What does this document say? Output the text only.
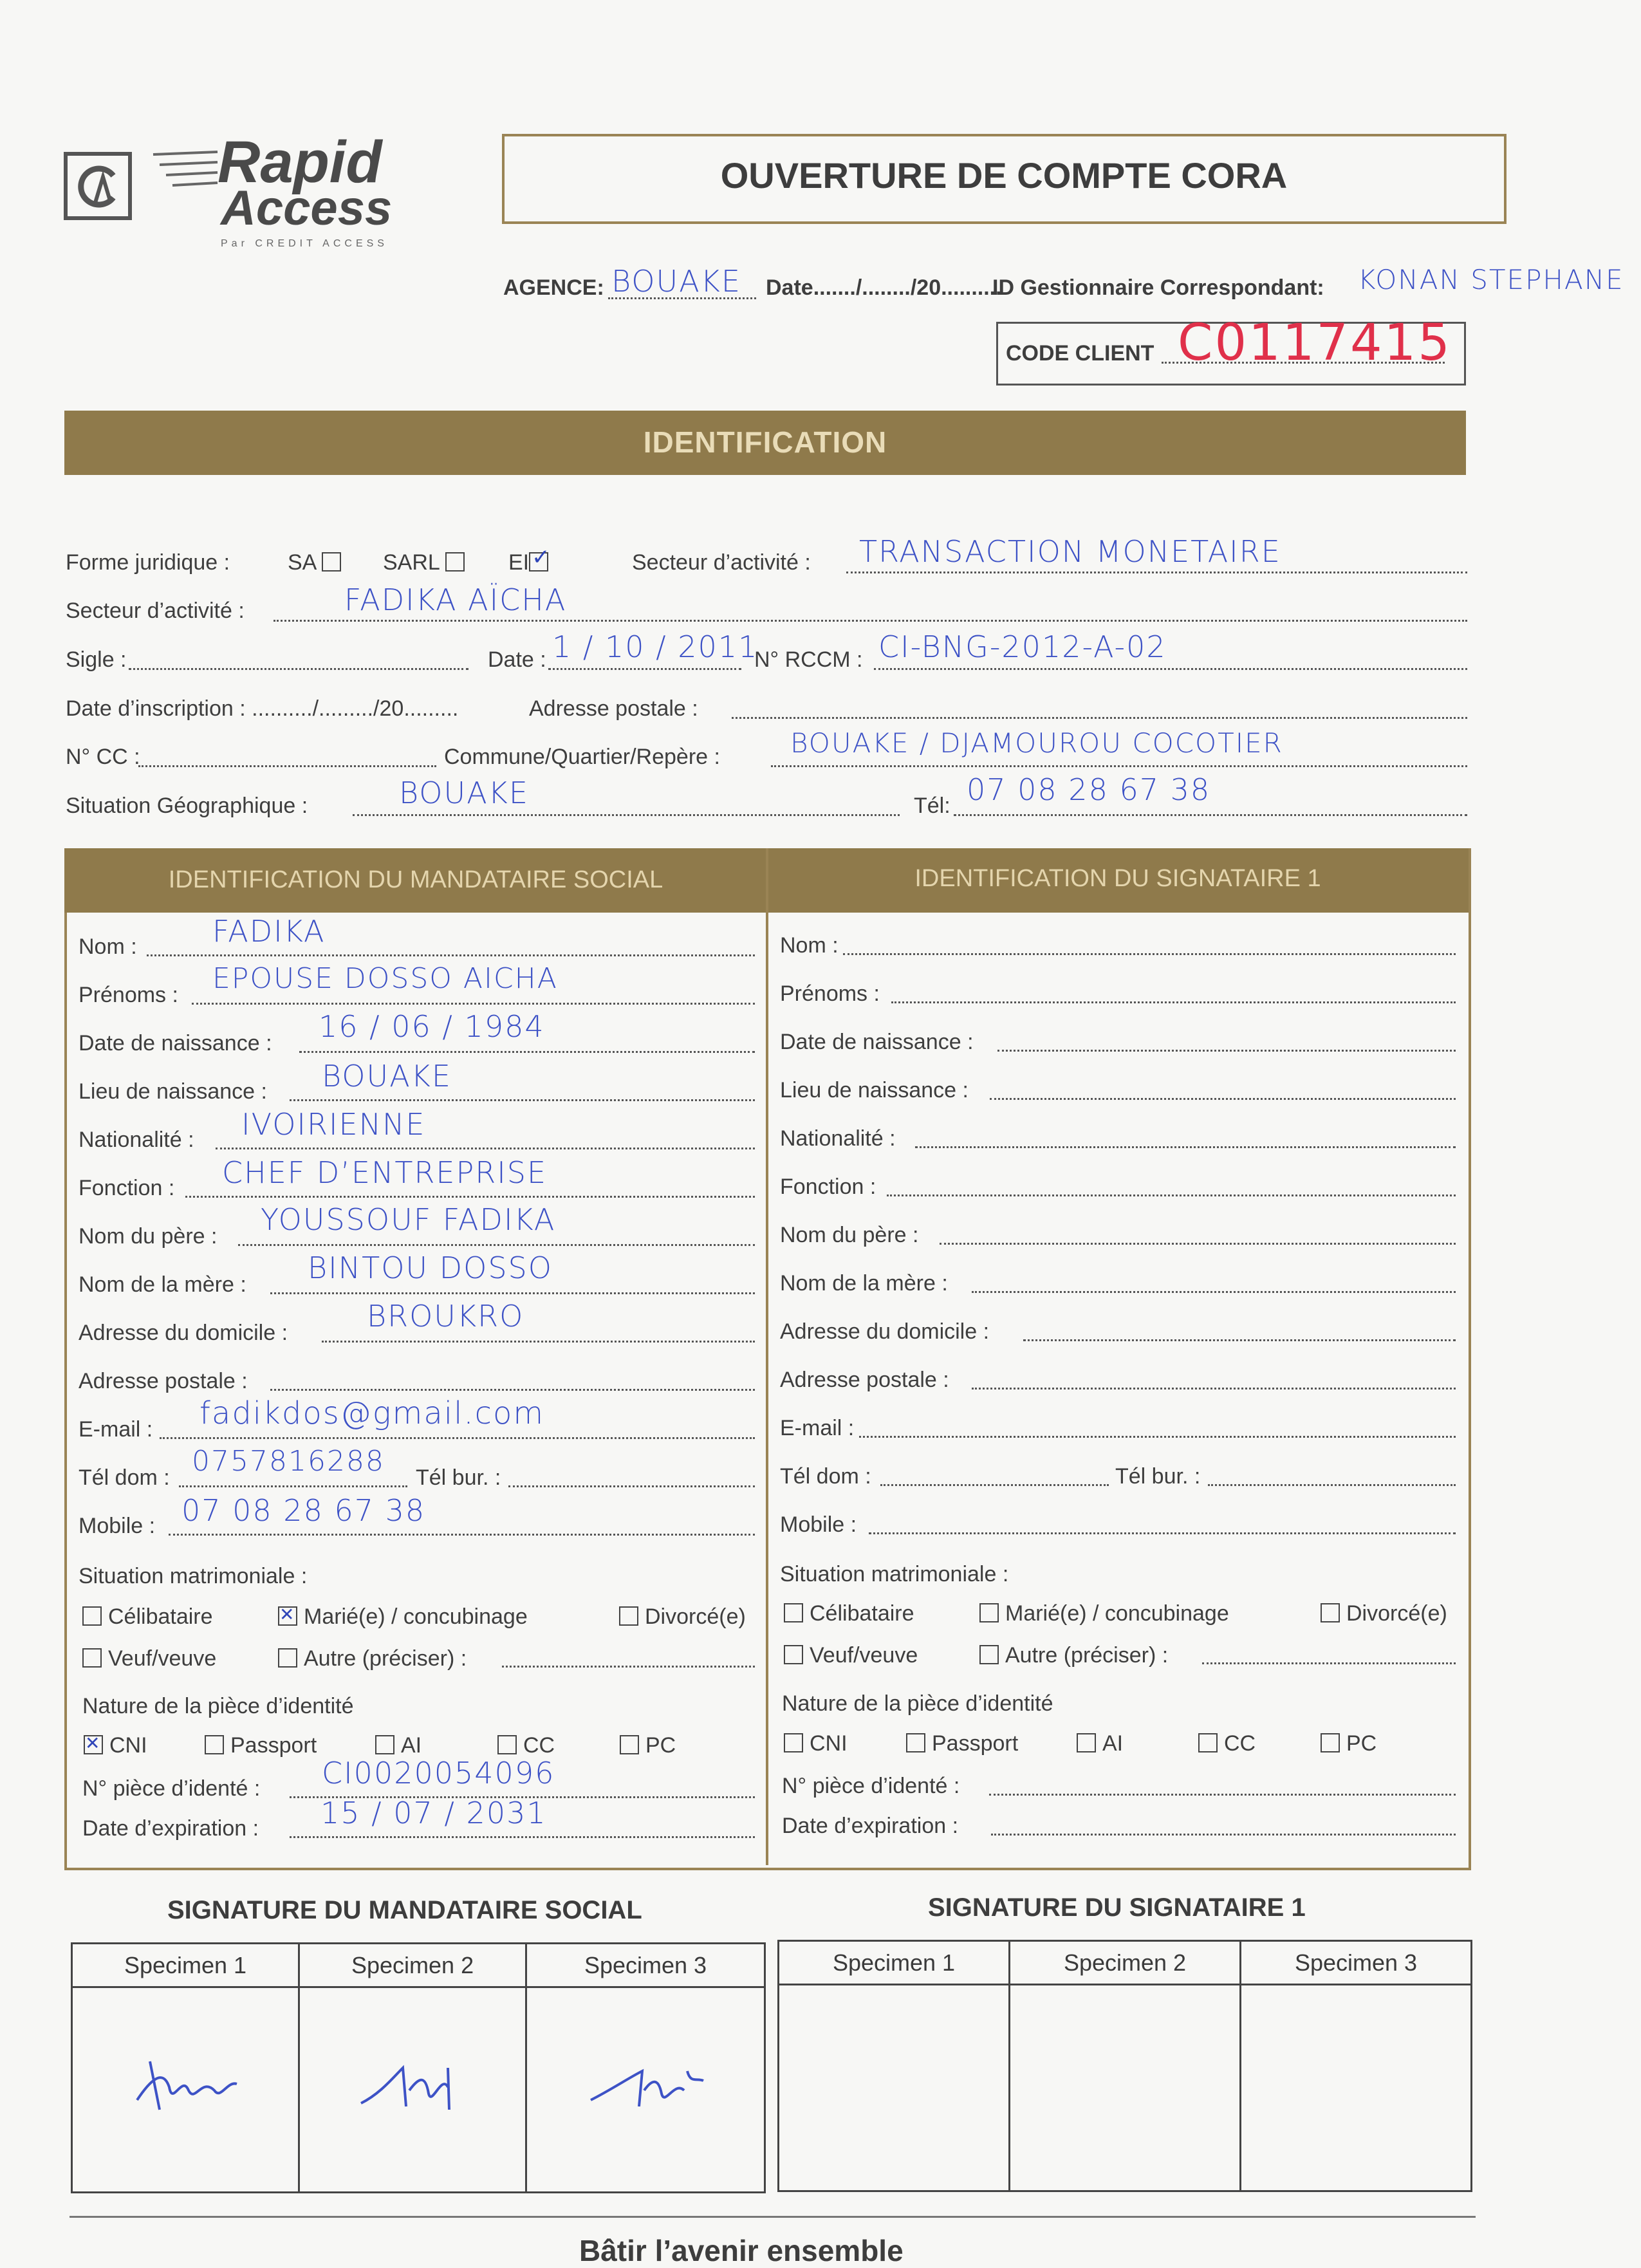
Rapid
Access
Par CREDIT ACCESS
OUVERTURE DE COMPTE CORA
AGENCE: BOUAKE Date......./......../20..........
ID Gestionnaire Correspondant: KONAN STEPHANE
CODE CLIENT C0117415
IDENTIFICATION
Forme juridique :	SA	SARL	EI ✓	Secteur d’activité : TRANSACTION MONETAIRE
Secteur d’activité :	FADIKA AÏCHA
Sigle :	Date : 1 / 10 / 2011
N° RCCM : CI-BNG-2012-A-02
Date d’inscription : ........../........./20.........	Adresse postale :
N° CC :	Commune/Quartier/Repère :	BOUAKE / DJAMOUROU COCOTIER
Situation Géographique :	BOUAKE	Tél: 07 08 28 67 38
IDENTIFICATION DU MANDATAIRE SOCIAL	IDENTIFICATION DU SIGNATAIRE 1
Nom :	FADIKA
Prénoms : EPOUSE DOSSO AICHA
Date de naissance : 16 / 06 / 1984
Lieu de naissance : BOUAKE
Nationalité : IVOIRIENNE
Fonction : CHEF D’ENTREPRISE
Nom du père : YOUSSOUF FADIKA
Nom de la mère : BINTOU DOSSO
Adresse du domicile :	BROUKRO
Adresse postale :
E-mail : fadikdos@gmail.com
Tél dom : 0757816288 Tél bur. :
Mobile : 07 08 28 67 38
Situation matrimoniale :
Célibataire ✕	Marié(e) / concubinage	Divorcé(e)
Veuf/veuve	Autre (préciser) :
Nature de la pièce d’identité
✕CNI	Passport	AI	CC	PC
N° pièce d’identé : CI0020054096
Date d’expiration : 15 / 07 / 2031
Nom :
Prénoms :
Date de naissance :
Lieu de naissance :
Nationalité :
Fonction :
Nom du père :
Nom de la mère :
Adresse du domicile :
Adresse postale :
E-mail :
Tél dom :	Tél bur. :
Mobile :
Situation matrimoniale :
Célibataire	Marié(e) / concubinage	Divorcé(e)
Veuf/veuve	Autre (préciser) :
Nature de la pièce d’identité
CNI	Passport	AI	CC	PC
N° pièce d’identé :
Date d’expiration :
SIGNATURE DU MANDATAIRE SOCIAL	SIGNATURE DU SIGNATAIRE 1
Specimen 1	Specimen 2	Specimen 3
			Specimen 1	Specimen 2	Specimen 3

Bâtir l’avenir ensemble
